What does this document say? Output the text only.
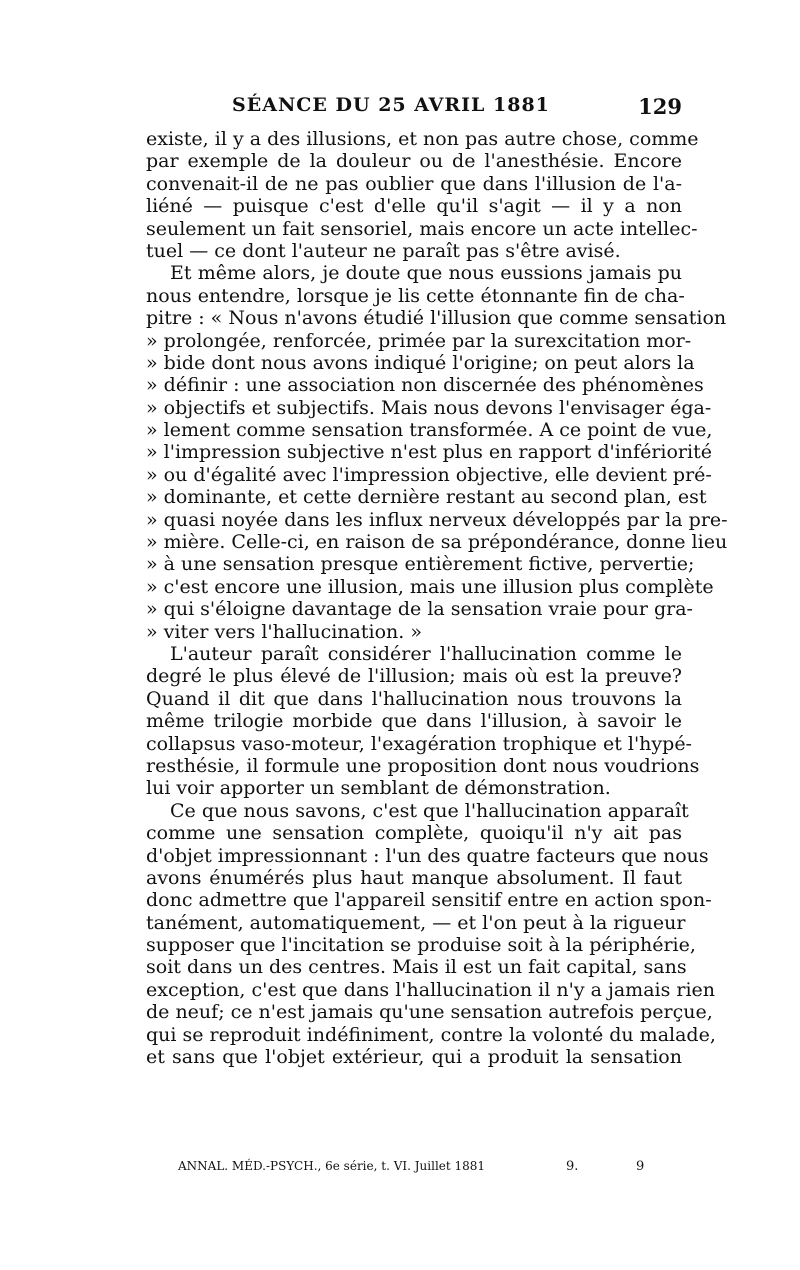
SÉANCE DU 25 AVRIL 1881	129
existe, il y a des illusions, et non pas autre chose, comme
par exemple de la douleur ou de l'anesthésie. Encore
convenait-il de ne pas oublier que dans l'illusion de l'a-
liéné — puisque c'est d'elle qu'il s'agit — il y a non
seulement un fait sensoriel, mais encore un acte intellec-
tuel — ce dont l'auteur ne paraît pas s'être avisé.
Et même alors, je doute que nous eussions jamais pu
nous entendre, lorsque je lis cette étonnante fin de cha-
pitre : « Nous n'avons étudié l'illusion que comme sensation
» prolongée, renforcée, primée par la surexcitation mor-
» bide dont nous avons indiqué l'origine; on peut alors la
» définir : une association non discernée des phénomènes
» objectifs et subjectifs. Mais nous devons l'envisager éga-
» lement comme sensation transformée. A ce point de vue,
» l'impression subjective n'est plus en rapport d'infériorité
» ou d'égalité avec l'impression objective, elle devient pré-
» dominante, et cette dernière restant au second plan, est
» quasi noyée dans les influx nerveux développés par la pre-
» mière. Celle-ci, en raison de sa prépondérance, donne lieu
» à une sensation presque entièrement fictive, pervertie;
» c'est encore une illusion, mais une illusion plus complète
» qui s'éloigne davantage de la sensation vraie pour gra-
» viter vers l'hallucination. »
L'auteur paraît considérer l'hallucination comme le
degré le plus élevé de l'illusion; mais où est la preuve?
Quand il dit que dans l'hallucination nous trouvons la
même trilogie morbide que dans l'illusion, à savoir le
collapsus vaso-moteur, l'exagération trophique et l'hypé-
resthésie, il formule une proposition dont nous voudrions
lui voir apporter un semblant de démonstration.
Ce que nous savons, c'est que l'hallucination apparaît
comme une sensation complète, quoiqu'il n'y ait pas
d'objet impressionnant : l'un des quatre facteurs que nous
avons énumérés plus haut manque absolument. Il faut
donc admettre que l'appareil sensitif entre en action spon-
tanément, automatiquement, — et l'on peut à la rigueur
supposer que l'incitation se produise soit à la périphérie,
soit dans un des centres. Mais il est un fait capital, sans
exception, c'est que dans l'hallucination il n'y a jamais rien
de neuf; ce n'est jamais qu'une sensation autrefois perçue,
qui se reproduit indéfiniment, contre la volonté du malade,
et sans que l'objet extérieur, qui a produit la sensation
ANNAL. MÉD.-PSYCH., 6e série, t. VI. Juillet 1881	9.	9
